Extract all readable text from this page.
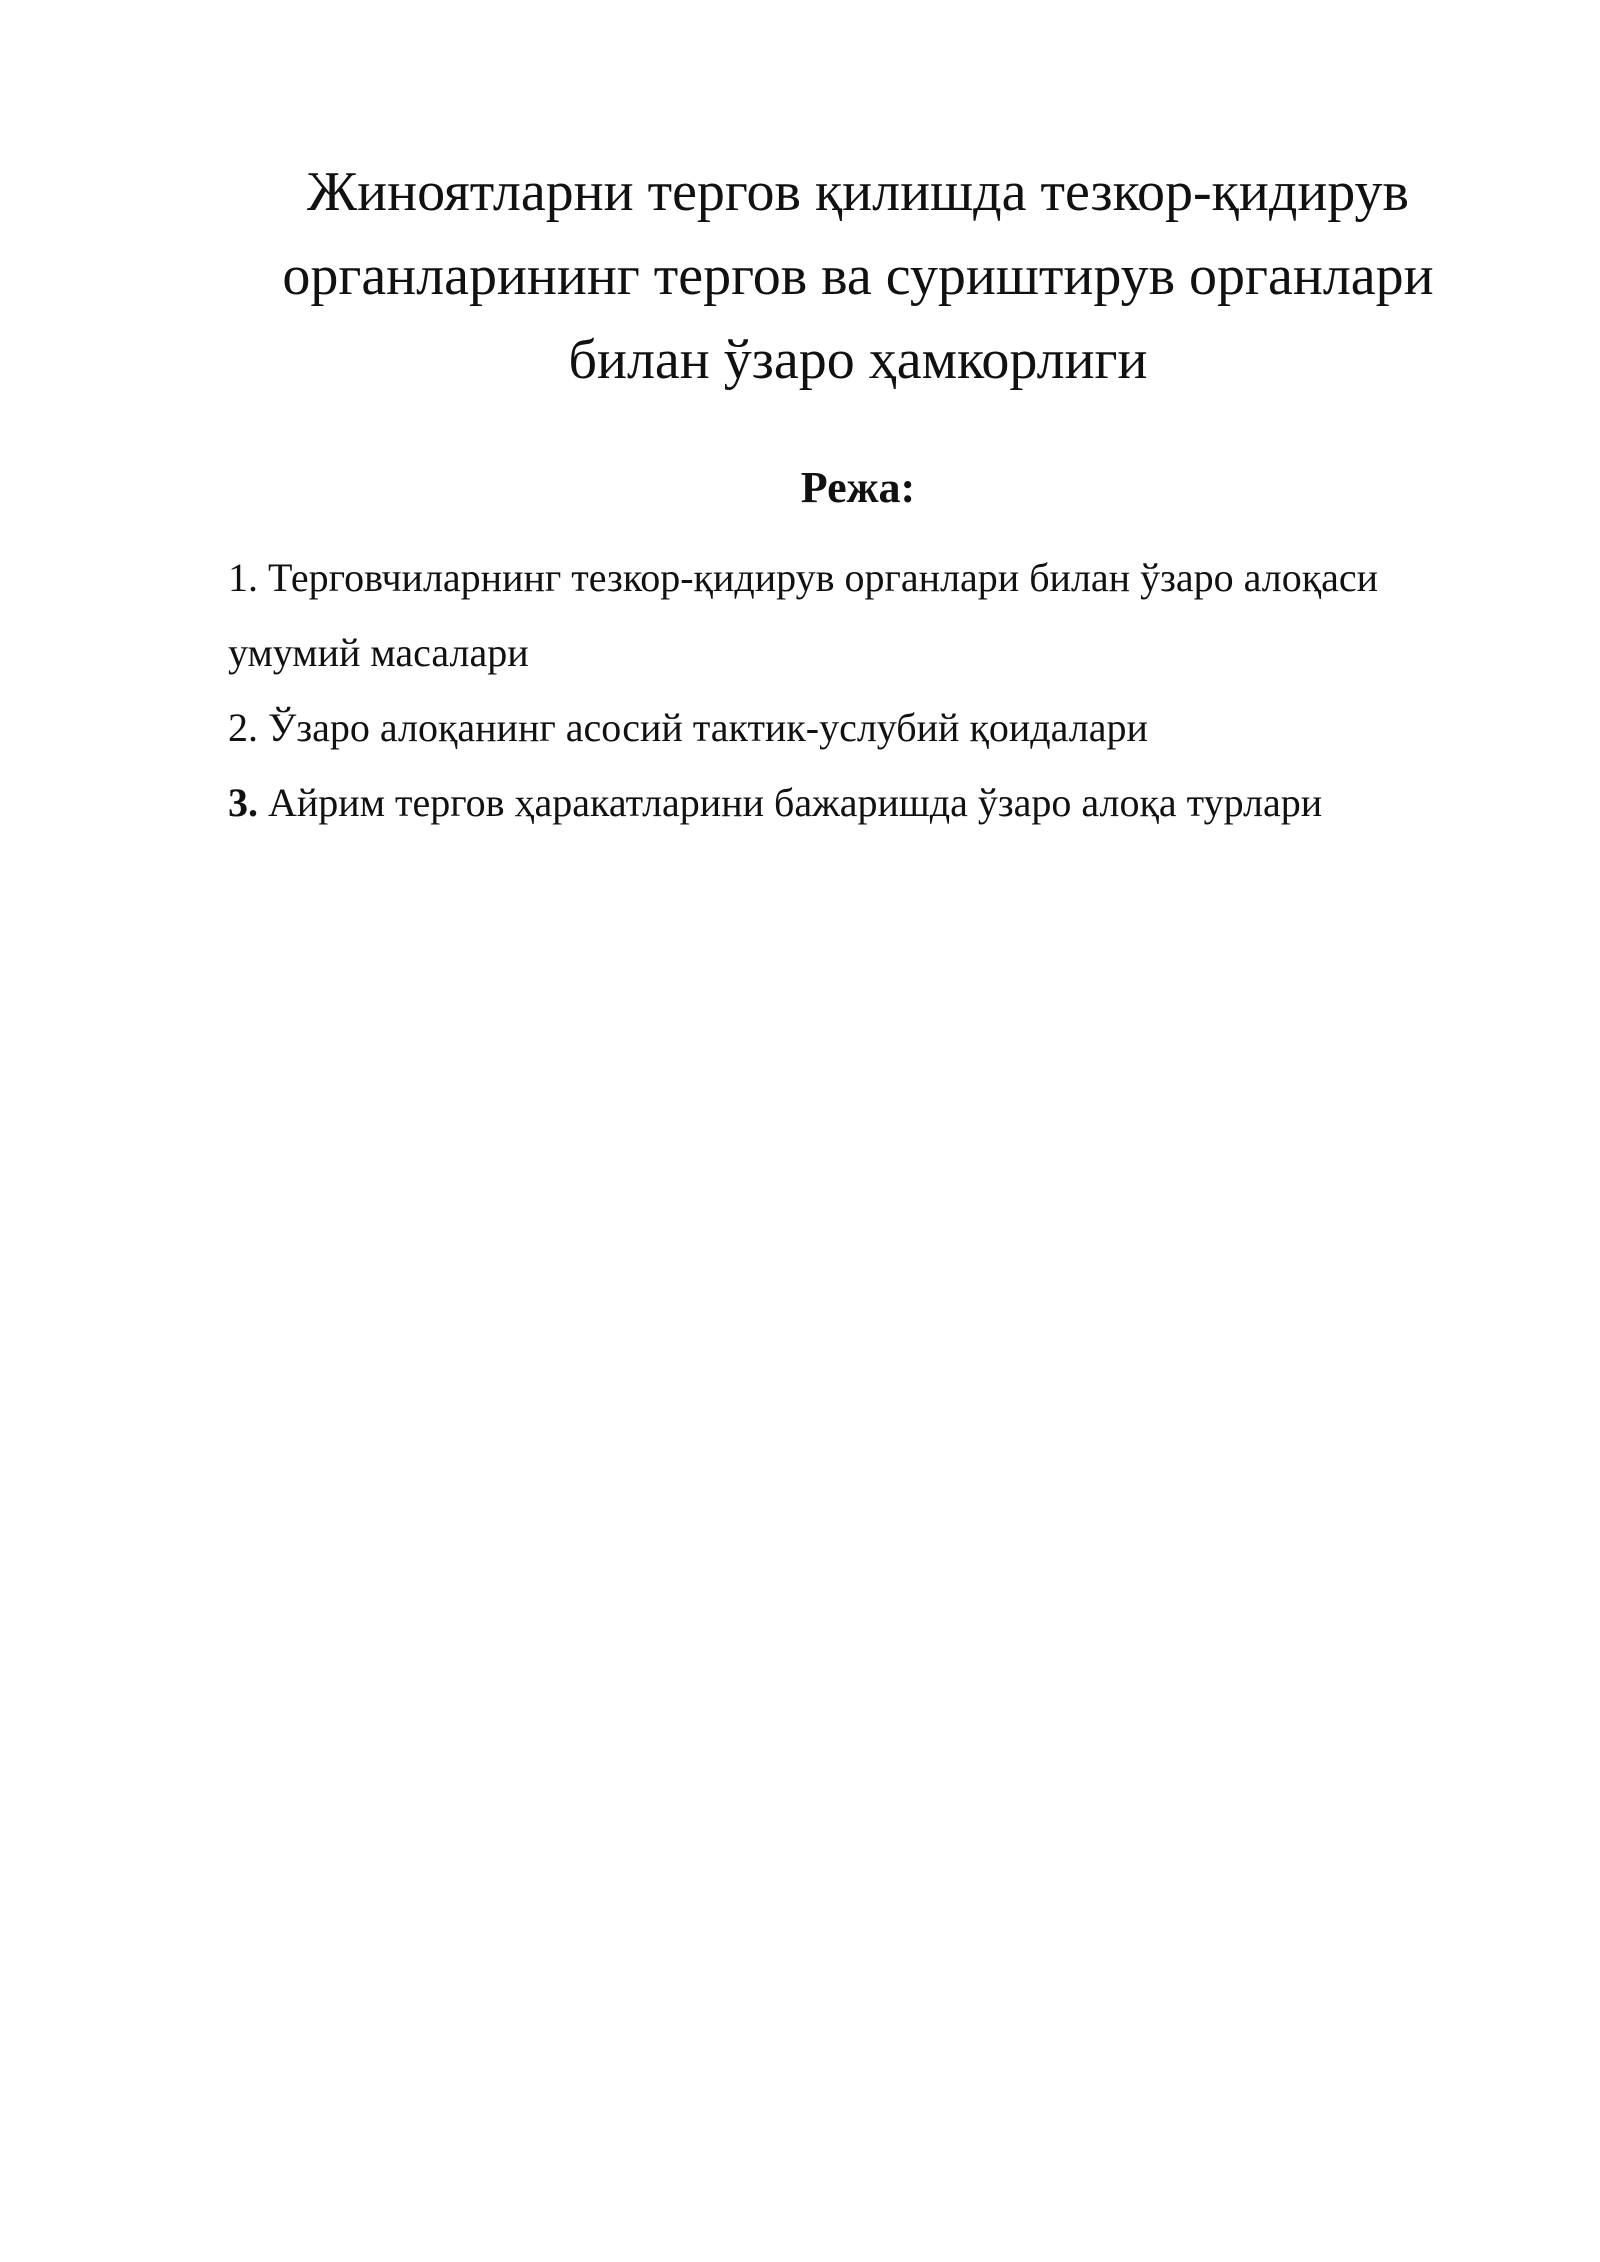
Жиноятларни тергов қилишда тезкор-қидирув
органларининг тергов ва суриштирув органлари
билан ўзаро ҳамкорлиги
Режа:
1. Терговчиларнинг тезкор-қидирув органлари билан ўзаро алоқаси
умумий масалари
2. Ўзаро алоқанинг асосий тактик-услубий қоидалари
3. Айрим тергов ҳаракатларини бажаришда ўзаро алоқа турлари
